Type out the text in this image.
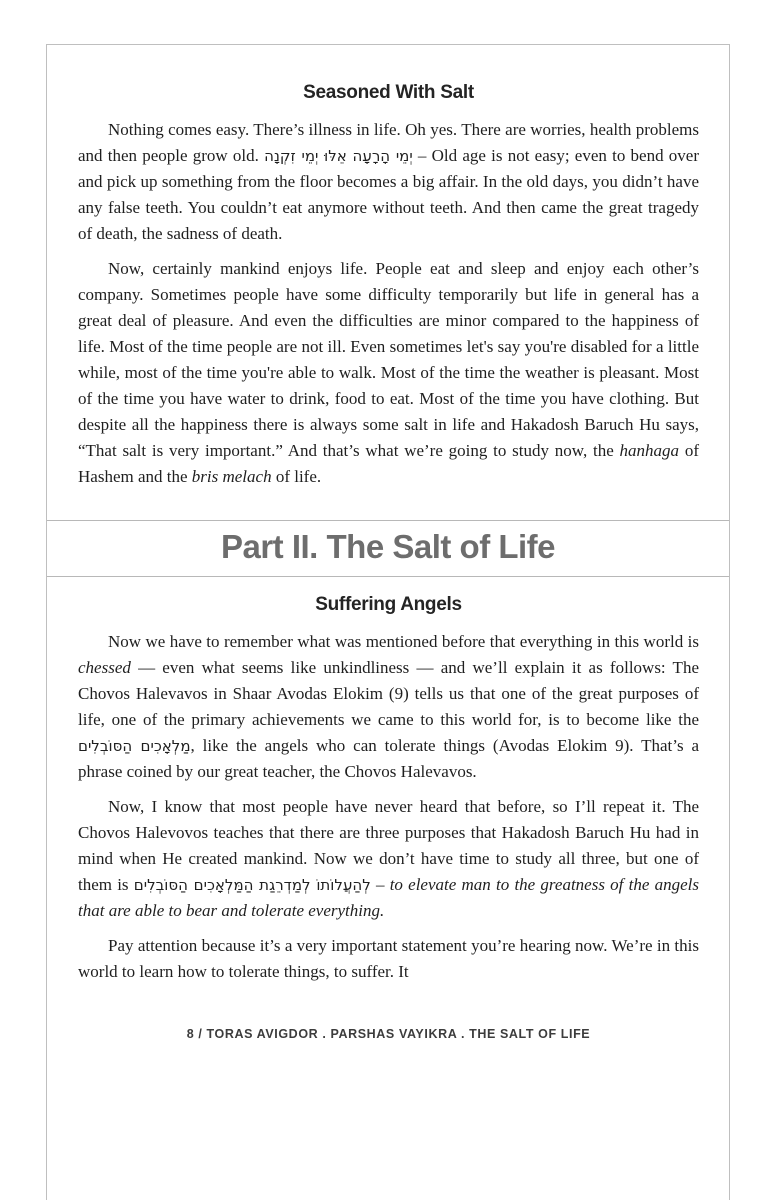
Seasoned With Salt

Nothing comes easy. There’s illness in life. Oh yes. There are worries, health problems and then people grow old. יְמֵי הָרָעָה אֵלּוּ יְמֵי זִקְנָה – Old age is not easy; even to bend over and pick up something from the floor becomes a big affair. In the old days, you didn’t have any false teeth. You couldn’t eat anymore without teeth. And then came the great tragedy of death, the sadness of death.

Now, certainly mankind enjoys life. People eat and sleep and enjoy each other’s company. Sometimes people have some difficulty temporarily but life in general has a great deal of pleasure. And even the difficulties are minor compared to the happiness of life. Most of the time people are not ill. Even sometimes let's say you're disabled for a little while, most of the time you're able to walk. Most of the time the weather is pleasant. Most of the time you have water to drink, food to eat. Most of the time you have clothing. But despite all the happiness there is always some salt in life and Hakadosh Baruch Hu says, “That salt is very important.” And that’s what we’re going to study now, the hanhaga of Hashem and the bris melach of life.

Part II. The Salt of Life
Suffering Angels

Now we have to remember what was mentioned before that everything in this world is chessed — even what seems like unkindliness — and we’ll explain it as follows: The Chovos Halevavos in Shaar Avodas Elokim (9) tells us that one of the great purposes of life, one of the primary achievements we came to this world for, is to become like the מַלְאָכִים הַסּוֹבְלִים, like the angels who can tolerate things (Avodas Elokim 9). That’s a phrase coined by our great teacher, the Chovos Halevavos.

Now, I know that most people have never heard that before, so I’ll repeat it. The Chovos Halevovos teaches that there are three purposes that Hakadosh Baruch Hu had in mind when He created mankind. Now we don’t have time to study all three, but one of them is לְהַעֲלוֹתוֹ לְמַדְרֵגַת הַמַּלְאָכִים הַסּוֹבְלִים – to elevate man to the greatness of the angels that are able to bear and tolerate everything.

Pay attention because it’s a very important statement you’re hearing now. We’re in this world to learn how to tolerate things, to suffer. It

8 / TORAS AVIGDOR . PARSHAS VAYIKRA . THE SALT OF LIFE
